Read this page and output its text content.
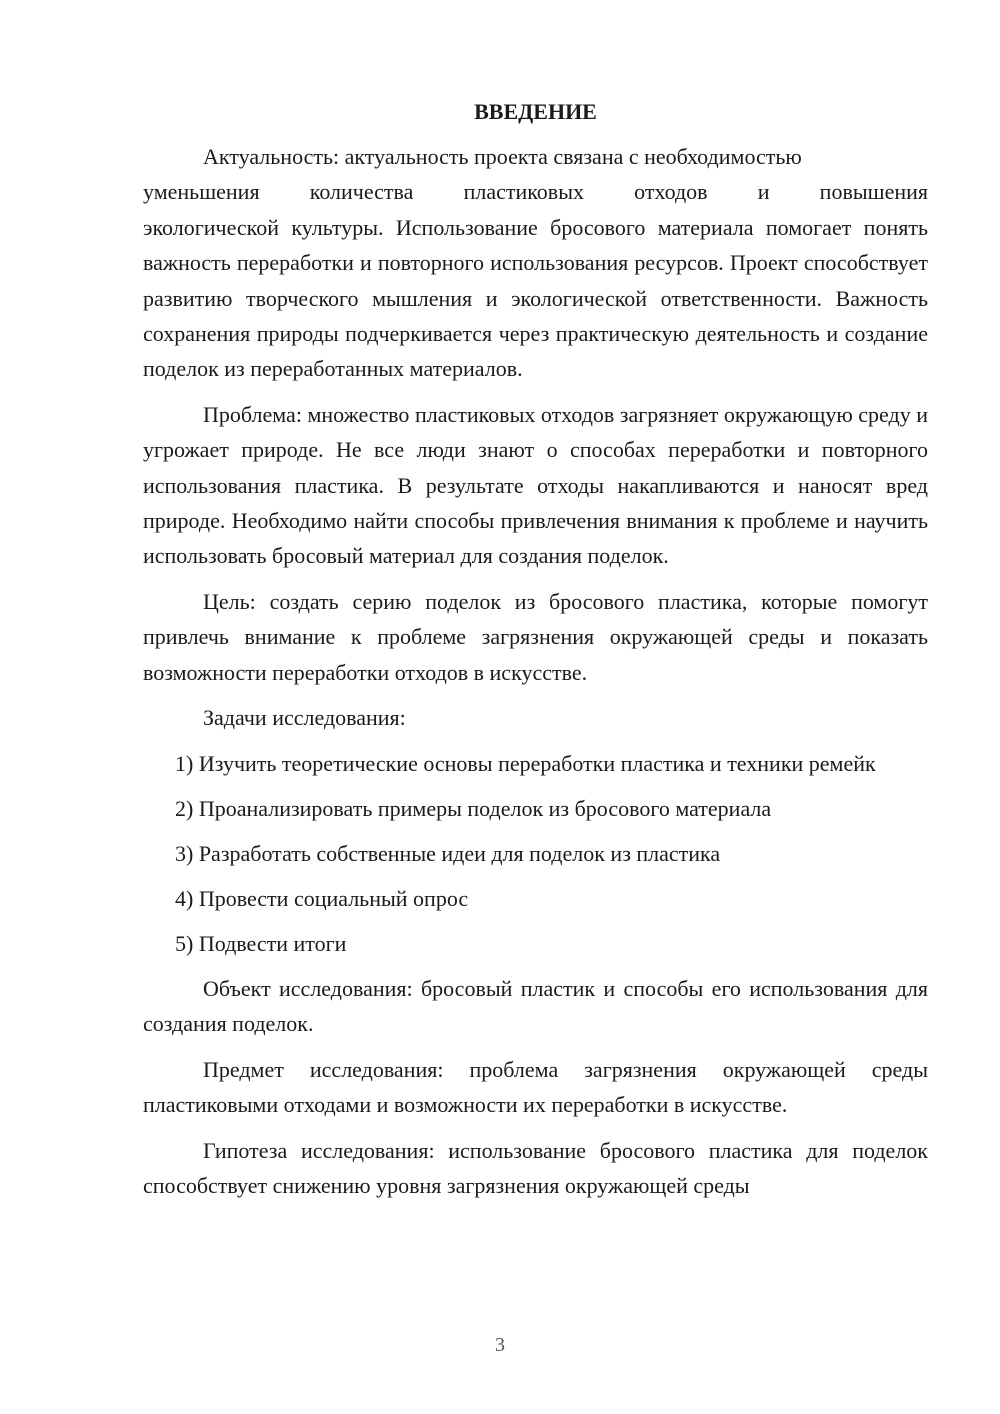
ВВЕДЕНИЕ
Актуальность: актуальность проекта связана с необходимостью
уменьшения количества пластиковых отходов и повышения
экологической культуры. Использование бросового материала помогает понять важность переработки и повторного использования ресурсов. Проект способствует развитию творческого мышления и экологической ответственности. Важность сохранения природы подчеркивается через практическую деятельность и создание поделок из переработанных материалов.
Проблема: множество пластиковых отходов загрязняет окружающую среду и угрожает природе. Не все люди знают о способах переработки и повторного использования пластика. В результате отходы накапливаются и наносят вред природе. Необходимо найти способы привлечения внимания к проблеме и научить использовать бросовый материал для создания поделок.
Цель: создать серию поделок из бросового пластика, которые помогут привлечь внимание к проблеме загрязнения окружающей среды и показать возможности переработки отходов в искусстве.
Задачи исследования:
1) Изучить теоретические основы переработки пластика и техники ремейк
2) Проанализировать примеры поделок из бросового материала
3) Разработать собственные идеи для поделок из пластика
4) Провести социальный опрос
5) Подвести итоги
Объект исследования: бросовый пластик и способы его использования для создания поделок.
Предмет исследования: проблема загрязнения окружающей среды пластиковыми отходами и возможности их переработки в искусстве.
Гипотеза исследования: использование бросового пластика для поделок способствует снижению уровня загрязнения окружающей среды
3
